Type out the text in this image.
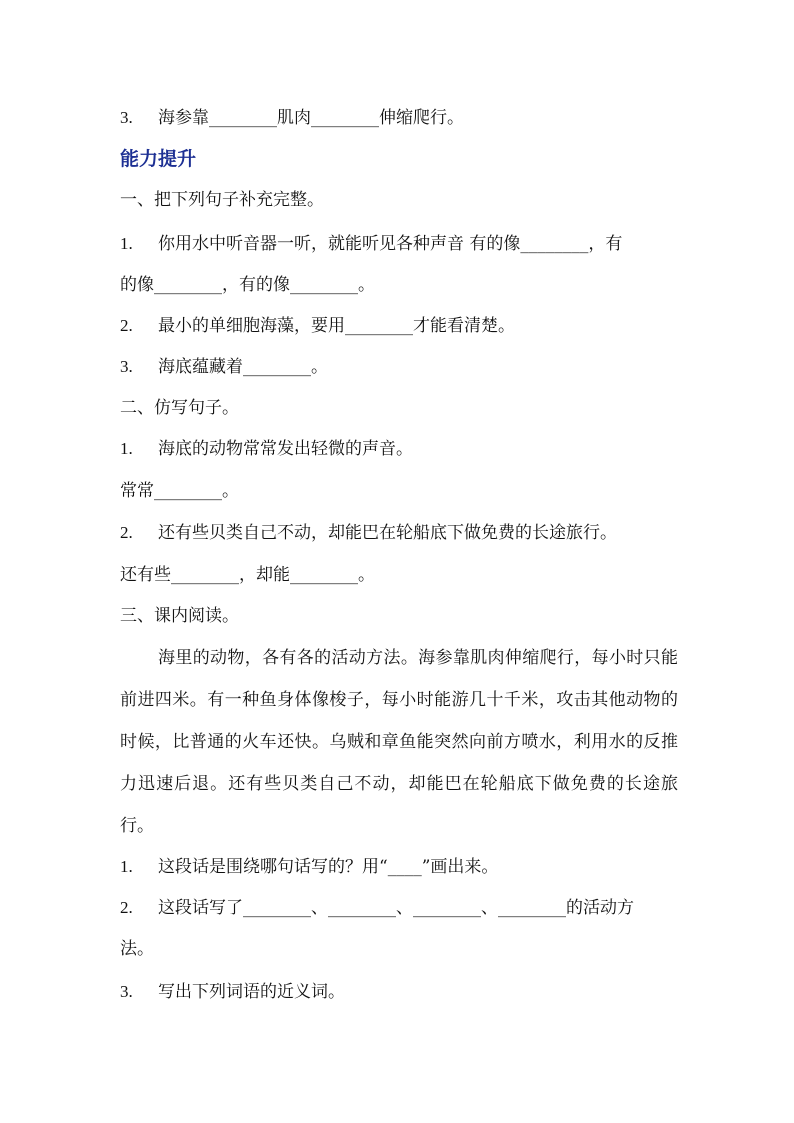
3. 海参靠________肌肉________伸缩爬行。
能力提升
一、把下列句子补充完整。
1. 你用水中听音器一听，就能听见各种声音 有的像________，有
的像________，有的像________。
2. 最小的单细胞海藻，要用________才能看清楚。
3. 海底蕴藏着________。
二、仿写句子。
1. 海底的动物常常发出轻微的声音。
常常________。
2. 还有些贝类自己不动，却能巴在轮船底下做免费的长途旅行。
还有些________，却能________。
三、课内阅读。
海里的动物，各有各的活动方法。海参靠肌肉伸缩爬行，每小时只能前进四米。有一种鱼身体像梭子，每小时能游几十千米，攻击其他动物的时候，比普通的火车还快。乌贼和章鱼能突然向前方喷水，利用水的反推力迅速后退。还有些贝类自己不动，却能巴在轮船底下做免费的长途旅行。
1. 这段话是围绕哪句话写的？用“____”画出来。
2. 这段话写了________、________、________、________的活动方
法。
3. 写出下列词语的近义词。
